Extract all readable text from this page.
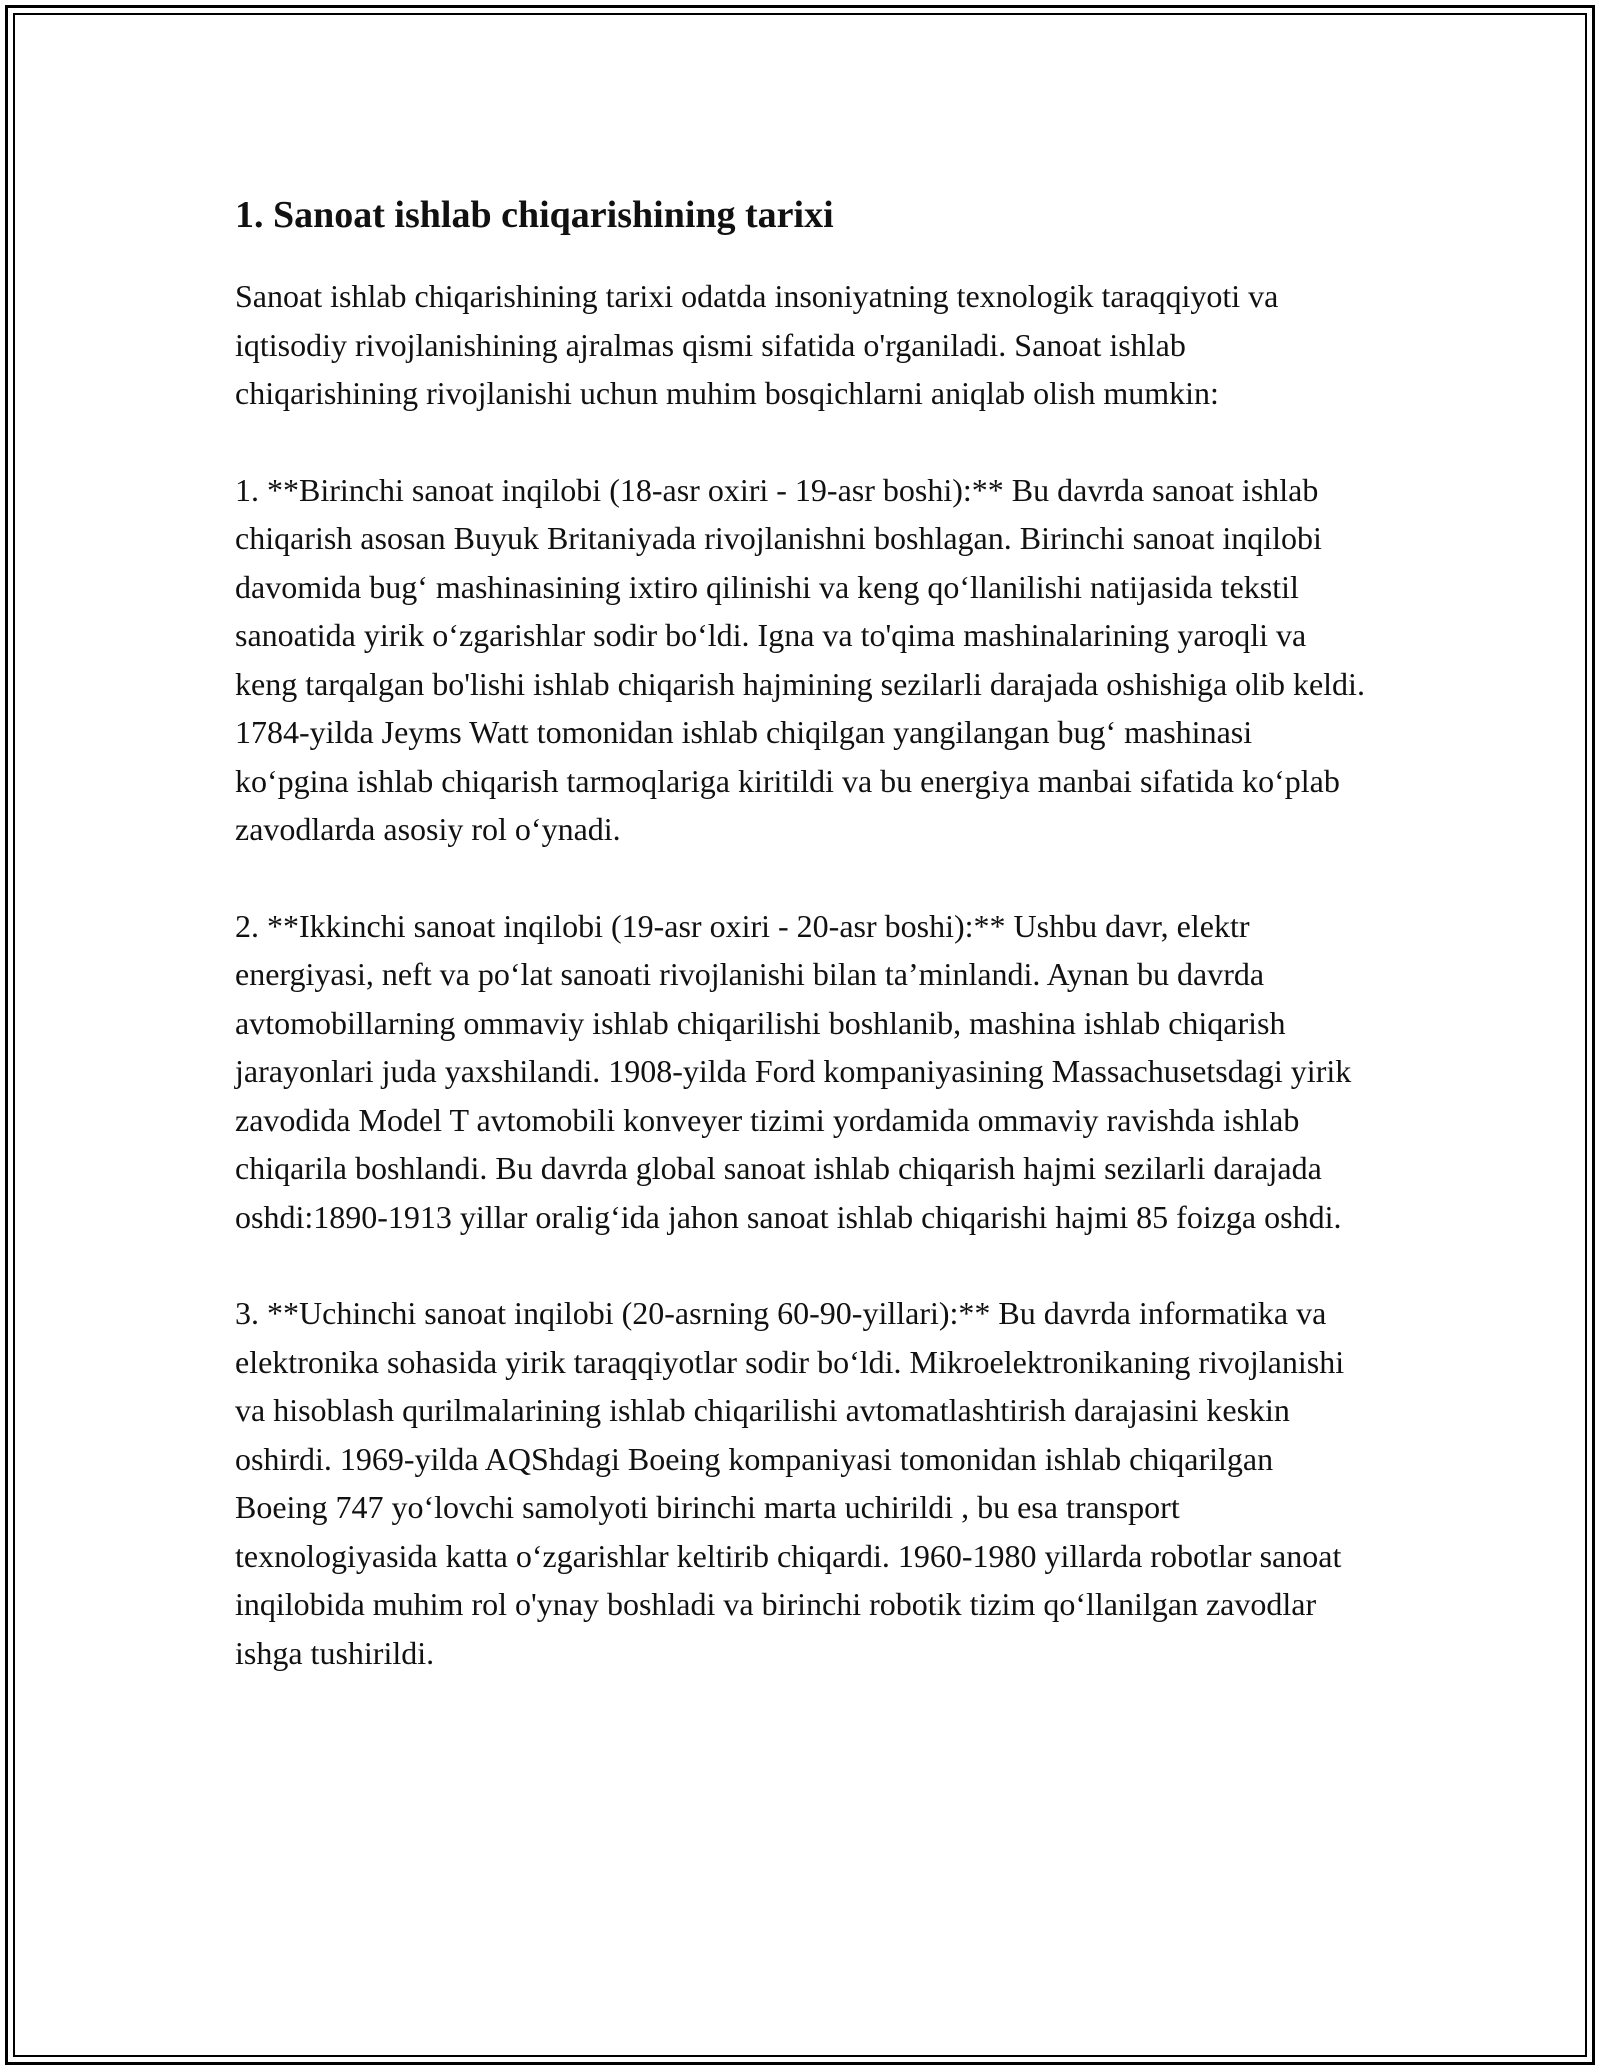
1. Sanoat ishlab chiqarishining tarixi

Sanoat ishlab chiqarishining tarixi odatda insoniyatning texnologik taraqqiyoti va iqtisodiy rivojlanishining ajralmas qismi sifatida o'rganiladi. Sanoat ishlab chiqarishining rivojlanishi uchun muhim bosqichlarni aniqlab olish mumkin:

1. **Birinchi sanoat inqilobi (18-asr oxiri - 19-asr boshi):** Bu davrda sanoat ishlab chiqarish asosan Buyuk Britaniyada rivojlanishni boshlagan. Birinchi sanoat inqilobi davomida bug‘ mashinasining ixtiro qilinishi va keng qo‘llanilishi natijasida tekstil sanoatida yirik o‘zgarishlar sodir bo‘ldi. Igna va to'qima mashinalarining yaroqli va keng tarqalgan bo'lishi ishlab chiqarish hajmining sezilarli darajada oshishiga olib keldi. 1784-yilda Jeyms Watt tomonidan ishlab chiqilgan yangilangan bug‘ mashinasi ko‘pgina ishlab chiqarish tarmoqlariga kiritildi va bu energiya manbai sifatida ko‘plab zavodlarda asosiy rol o‘ynadi.

2. **Ikkinchi sanoat inqilobi (19-asr oxiri - 20-asr boshi):** Ushbu davr, elektr energiyasi, neft va po‘lat sanoati rivojlanishi bilan ta’minlandi. Aynan bu davrda avtomobillarning ommaviy ishlab chiqarilishi boshlanib, mashina ishlab chiqarish jarayonlari juda yaxshilandi. 1908-yilda Ford kompaniyasining Massachusetsdagi yirik zavodida Model T avtomobili konveyer tizimi yordamida ommaviy ravishda ishlab chiqarila boshlandi. Bu davrda global sanoat ishlab chiqarish hajmi sezilarli darajada oshdi:1890-1913 yillar oralig‘ida jahon sanoat ishlab chiqarishi hajmi 85 foizga oshdi.

3. **Uchinchi sanoat inqilobi (20-asrning 60-90-yillari):** Bu davrda informatika va elektronika sohasida yirik taraqqiyotlar sodir bo‘ldi. Mikroelektronikaning rivojlanishi va hisoblash qurilmalarining ishlab chiqarilishi avtomatlashtirish darajasini keskin oshirdi. 1969-yilda AQShdagi Boeing kompaniyasi tomonidan ishlab chiqarilgan Boeing 747 yo‘lovchi samolyoti birinchi marta uchirildi , bu esa transport texnologiyasida katta o‘zgarishlar keltirib chiqardi. 1960-1980 yillarda robotlar sanoat inqilobida muhim rol o'ynay boshladi va birinchi robotik tizim qo‘llanilgan zavodlar ishga tushirildi.
